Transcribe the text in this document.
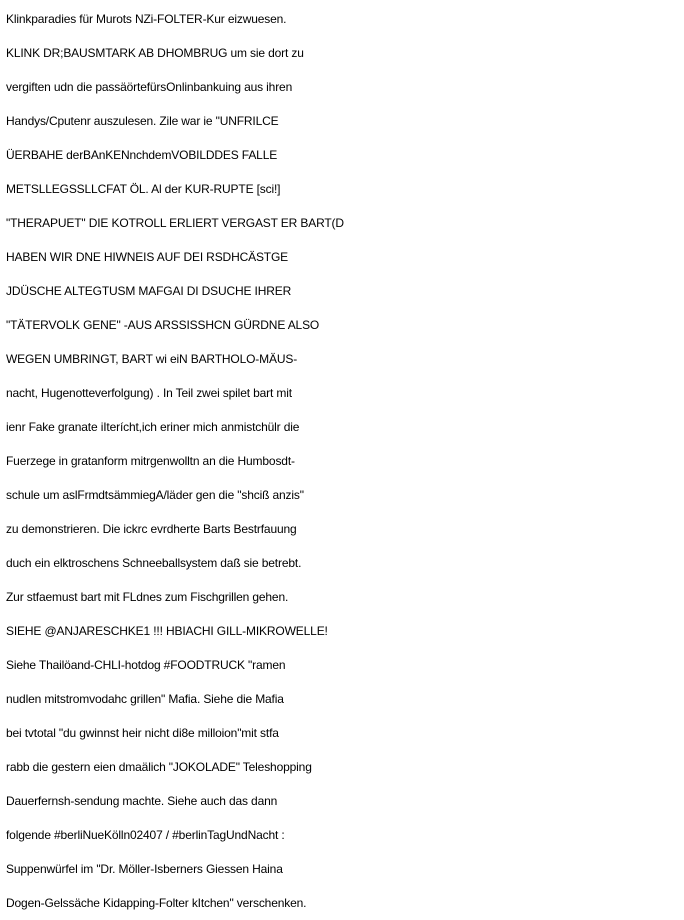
Klinkparadies für Murots NZi-FOLTER-Kur eizwuesen.
KLINK DR;BAUSMTARK AB DHOMBRUG um sie dort zu
vergiften udn die passäörtefürsOnlinbankuing aus ihren
Handys/Cputenr auszulesen. Zile war ie "UNFRILCE
ÜERBAHE derBAnKENnchdemVOBILDDES FALLE
METSLLEGSSLLCFAT ÖL. Al der KUR-RUPTE [sci!]
"THERAPUET" DIE KOTROLL ERLIERT VERGAST ER BART(D
HABEN WIR DNE HIWNEIS AUF DEI RSDHCÄSTGE
JDÜSCHE ALTEGTUSM MAFGAI DI DSUCHE IHRER
"TÄTERVOLK GENE" -AUS ARSSISSHCN GÜRDNE ALSO
WEGEN UMBRINGT, BART wi eiN BARTHOLO-MÄUS-
nacht, Hugenotteverfolgung) . In Teil zwei spilet bart mit
ienr Fake granate iIterícht,ich eriner mich anmistchülr die
Fuerzege in gratanform mitrgenwolltn an die Humbosdt-
schule um aslFrmdtsämmiegA/läder gen die "shciß anzis"
zu demonstrieren. Die ickrc evrdherte Barts Bestrfauung
duch ein elktroschens Schneeballsystem daß sie betrebt.
Zur stfaemust bart mit FLdnes zum Fischgrillen gehen.
SIEHE @ANJARESCHKE1 !!! HBIACHI GILL-MIKROWELLE!
Siehe Thailöand-CHLI-hotdog #FOODTRUCK "ramen
nudlen mitstromvodahc grillen" Mafia. Siehe die Mafia
bei tvtotal "du gwinnst heir nicht di8e milloion"mit stfa
rabb die gestern eien dmaälich "JOKOLADE" Teleshopping
Dauerfernsh-sendung machte. Siehe auch das dann
folgende #berliNueKölln02407 / #berlinTagUndNacht :
Suppenwürfel im "Dr. Möller-Isberners Giessen Haina
Dogen-Gelssäche Kidapping-Folter kItchen" verschenken.
